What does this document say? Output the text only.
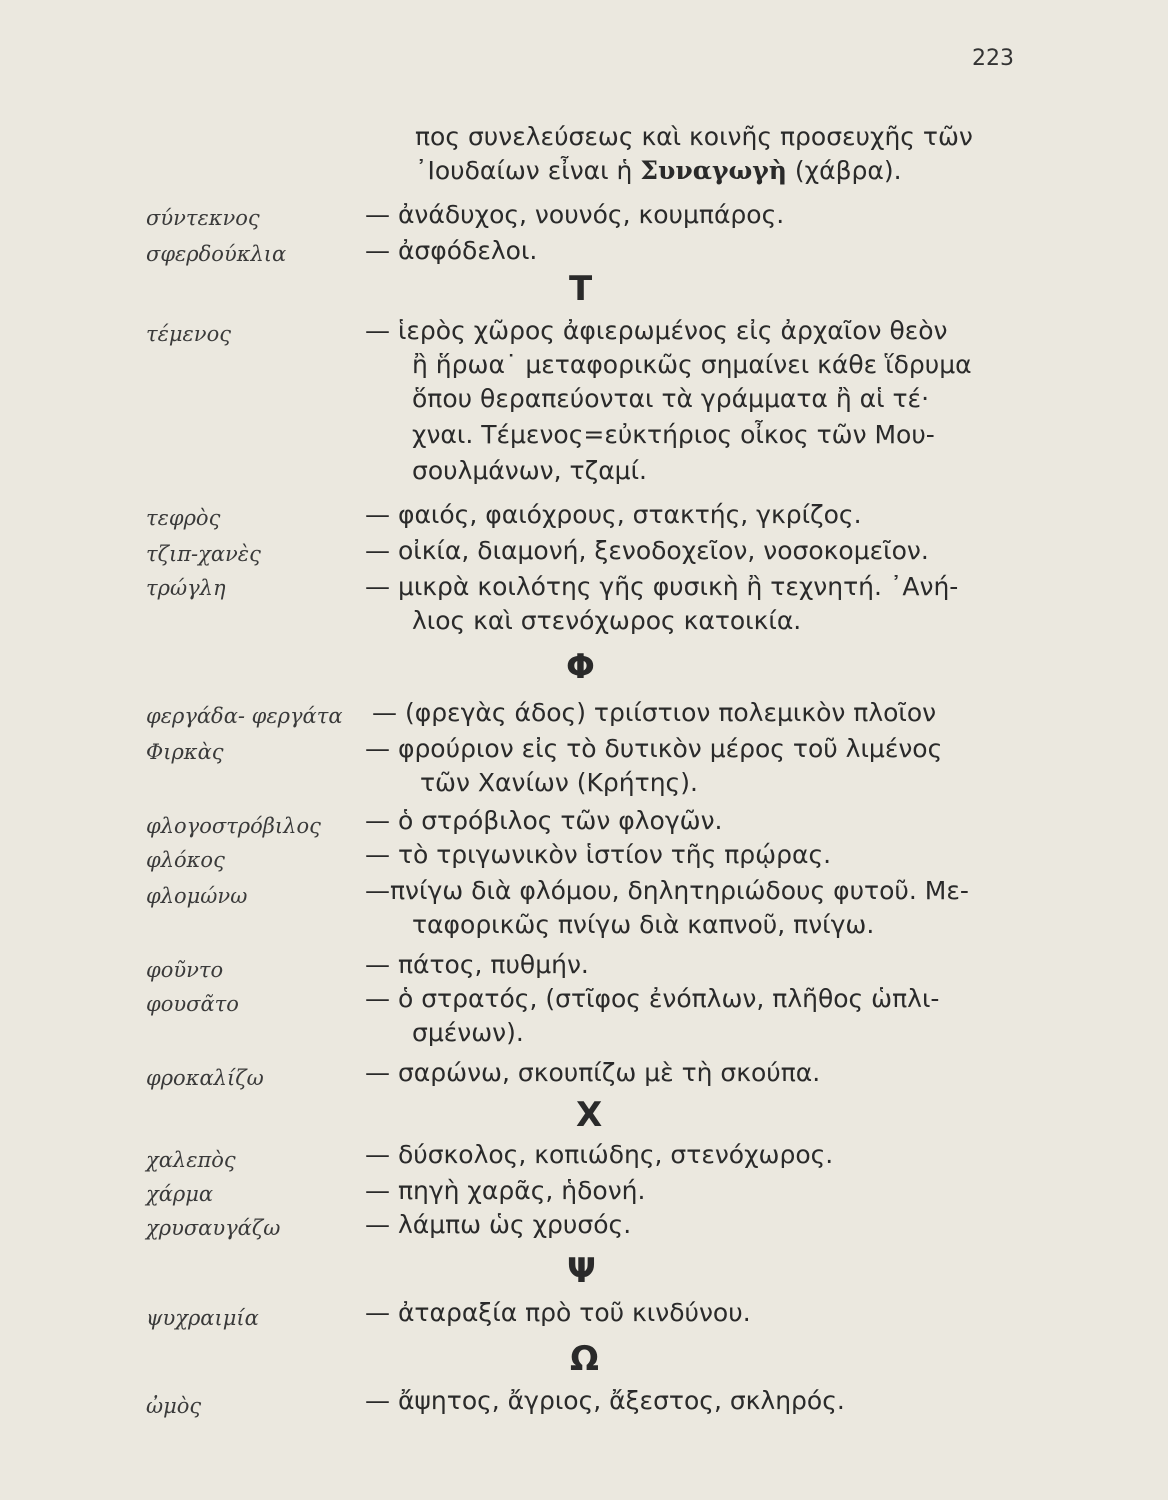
223
πος συνελεύσεως καὶ κοινῆς προσευχῆς τῶν
᾿Ιουδαίων εἶναι ἡ Συναγωγὴ (χάβρα).
σύντεκνος	— ἀνάδυχος, νουνός, κουμπάρος.
σφερδούκλια	— ἀσφόδελοι.
Τ
τέμενος	— ἱερὸς χῶρος ἀφιερωμένος εἰς ἀρχαῖον θεὸν
ἢ ἥρωα˙ μεταφορικῶς σημαίνει κάθε ἵδρυμα
ὅπου θεραπεύονται τὰ γράμματα ἢ αἱ τέ·
χναι. Τέμενος=εὐκτήριος οἶκος τῶν Μου-
σουλμάνων, τζαμί.
τεφρὸς	— φαιός, φαιόχρους, στακτής, γκρίζος.
τζιπ-χανὲς	— οἰκία, διαμονή, ξενοδοχεῖον, νοσοκομεῖον.
τρώγλη	— μικρὰ κοιλότης γῆς φυσικὴ ἢ τεχνητή. ᾿Ανή-
λιος καὶ στενόχωρος κατοικία.
Φ
φεργάδα- φεργάτα — (φρεγὰς άδος) τριίστιον πολεμικὸν πλοῖον
Φιρκὰς	— φρούριον εἰς τὸ δυτικὸν μέρος τοῦ λιμένος
τῶν Χανίων (Κρήτης).
φλογοστρόβιλος — ὁ στρόβιλος τῶν φλογῶν.
φλόκος	— τὸ τριγωνικὸν ἱστίον τῆς πρῴρας.
φλομώνω	—πνίγω διὰ φλόμου, δηλητηριώδους φυτοῦ. Με-
ταφορικῶς πνίγω διὰ καπνοῦ, πνίγω.
φοῦντο	— πάτος, πυθμήν.
φουσᾶτο	— ὁ στρατός, (στῖφος ἐνόπλων, πλῆθος ὡπλι-
σμένων).
φροκαλίζω	— σαρώνω, σκουπίζω μὲ τὴ σκούπα.
Χ
χαλεπὸς	— δύσκολος, κοπιώδης, στενόχωρος.
χάρμα	— πηγὴ χαρᾶς, ἡδονή.
χρυσαυγάζω	— λάμπω ὡς χρυσός.
Ψ
ψυχραιμία	— ἀταραξία πρὸ τοῦ κινδύνου.
Ω
ὠμὸς	— ἄψητος, ἄγριος, ἄξεστος, σκληρός.
